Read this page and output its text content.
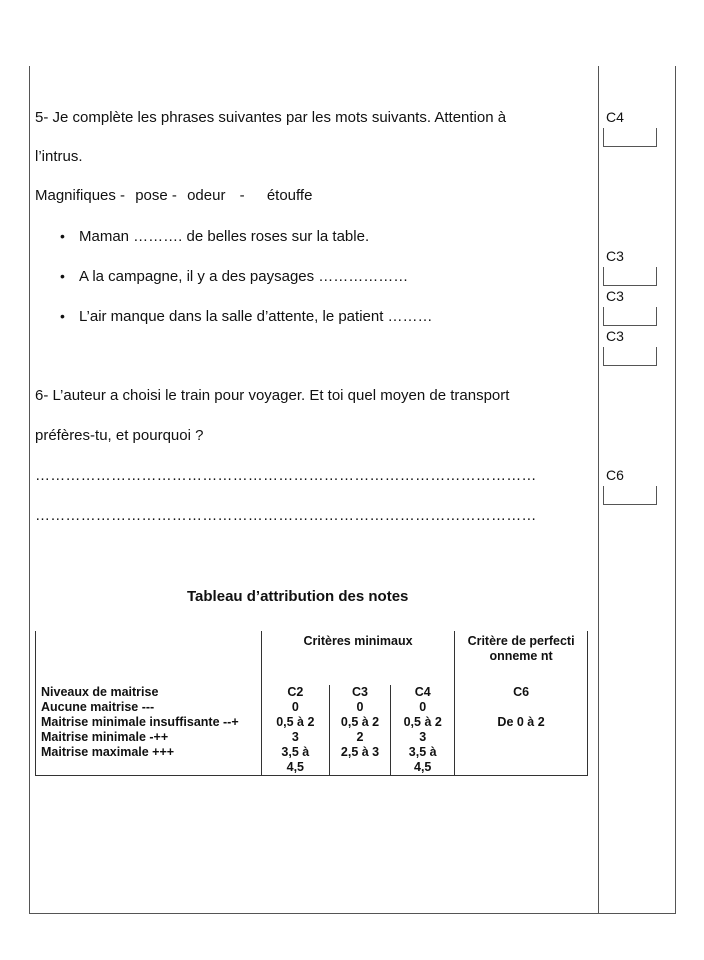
5- Je complète les phrases suivantes par les mots suivants. Attention à
l’intrus.
Magnifiques - pose - odeur - étouffe
• Maman ………. de belles roses sur la table.
• A la campagne, il y a des paysages ………………
• L’air manque dans la salle d’attente, le patient ………
6- L’auteur a choisi le train pour voyager. Et toi quel moyen de transport
préfères-tu, et pourquoi ?
………………………………………………………………………………………
………………………………………………………………………………………
C4
C3
C3
C3
C6
Tableau d’attribution des notes
	Critères minimaux			Critère de perfectionneme nt

Niveaux de maitrise	C2	C3	C4	C6
Aucune maitrise ---	0	0	0	

Maitrise minimale insuffisante --+	0,5 à 2	0,5 à 2	0,5 à 2	De 0 à 2
Maitrise minimale -++	3	2	3	
Maitrise maximale +++	3,5 à 4,5	2,5 à 3	3,5 à 4,5	
